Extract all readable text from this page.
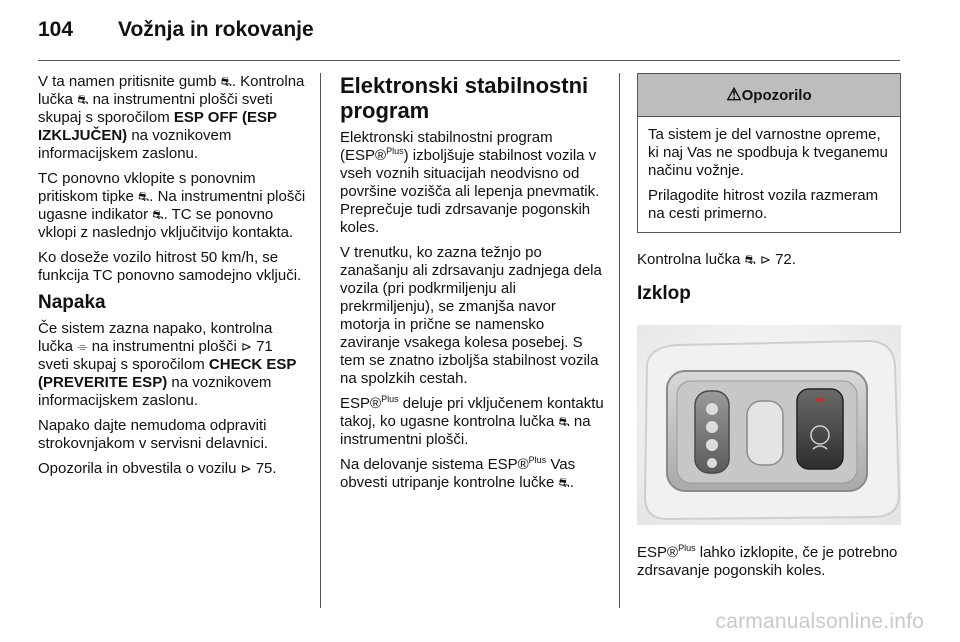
104 Vožnja in rokovanje

V ta namen pritisnite gumb ⛐. Kontrolna lučka ⛐ na instrumentni plošči sveti skupaj s sporočilom ESP OFF (ESP IZKLJUČEN) na voznikovem informacijskem zaslonu.

TC ponovno vklopite s ponovnim pritiskom tipke ⛐. Na instrumentni plošči ugasne indikator ⛐. TC se ponovno vklopi z naslednjo vključitvijo kontakta.

Ko doseže vozilo hitrost 50 km/h, se funkcija TC ponovno samodejno vključi.

Napaka

Če sistem zazna napako, kontrolna lučka ⌯ na instrumentni plošči ⊳ 71 sveti skupaj s sporočilom CHECK ESP (PREVERITE ESP) na voznikovem informacijskem zaslonu.

Napako dajte nemudoma odpraviti strokovnjakom v servisni delavnici.

Opozorila in obvestila o vozilu ⊳ 75.

Elektronski stabilnostni program

Elektronski stabilnostni program (ESP®$^{Plus}$) izboljšuje stabilnost vozila v vseh voznih situacijah neodvisno od površine vozišča ali lepenja pnevmatik. Preprečuje tudi zdrsavanje pogonskih koles.

V trenutku, ko zazna težnjo po zanašanju ali zdrsavanju zadnjega dela vozila (pri podkrmiljenju ali prekrmiljenju), se zmanjša navor motorja in prične se namensko zaviranje vsakega kolesa posebej. S tem se znatno izboljša stabilnost vozila na spolzkih cestah.

ESP®$^{Plus}$ deluje pri vključenem kontaktu takoj, ko ugasne kontrolna lučka ⛐ na instrumentni plošči.

Na delovanje sistema ESP®$^{Plus}$ Vas obvesti utripanje kontrolne lučke ⛐.

⚠Opozorilo

Ta sistem je del varnostne opreme, ki naj Vas ne spodbuja k tveganemu načinu vožnje.

Prilagodite hitrost vozila razmeram na cesti primerno.

Kontrolna lučka ⛐ ⊳ 72.

Izklop

ESP®$^{Plus}$ lahko izklopite, če je potrebno zdrsavanje pogonskih koles.

carmanualsonline.info
